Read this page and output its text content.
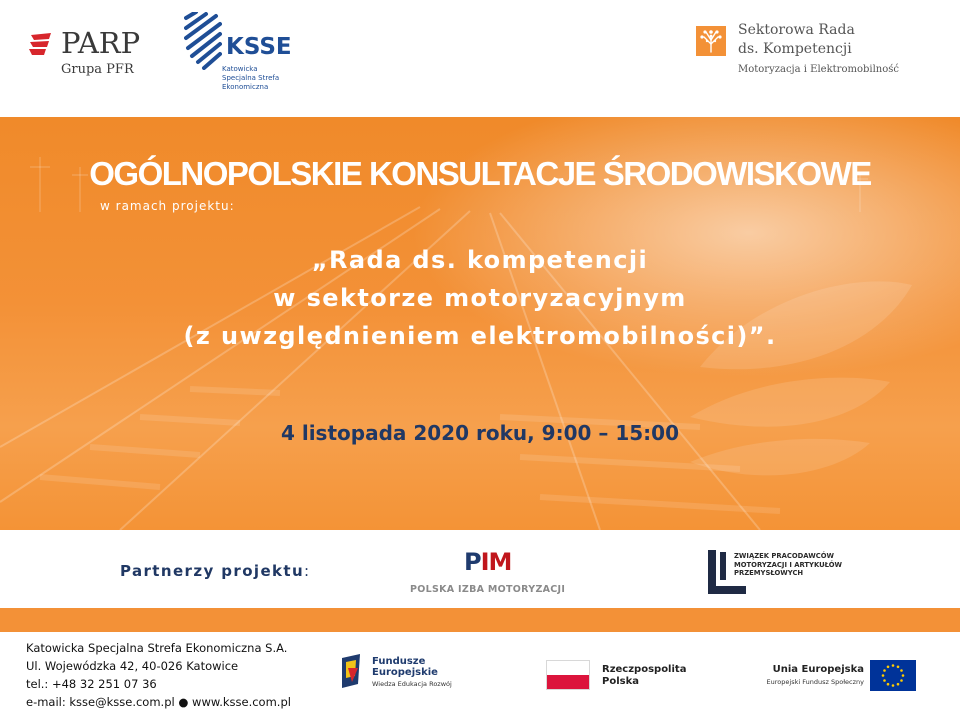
PARP
Grupa PFR
KSSE
Katowicka
Specjalna Strefa
Ekonomiczna
Sektorowa Rada
ds. Kompetencji
Motoryzacja i Elektromobilność
OGÓLNOPOLSKIE KONSULTACJE ŚRODOWISKOWE
w ramach projektu:
„Rada ds. kompetencji
w sektorze motoryzacyjnym
(z uwzględnieniem elektromobilności)”.
4 listopada 2020 roku, 9:00 – 15:00
Partnerzy projektu:	PIM
POLSKA IZBA MOTORYZACJI
ZWIĄZEK PRACODAWCÓW
MOTORYZACJI I ARTYKUŁÓW
PRZEMYSŁOWYCH
Katowicka Specjalna Strefa Ekonomiczna S.A.
Ul. Wojewódzka 42, 40-026 Katowice
tel.: +48 32 251 07 36
e-mail: ksse@ksse.com.pl ● www.ksse.com.pl
Fundusze
Europejskie
Wiedza Edukacja Rozwój
Rzeczpospolita
Polska
Unia Europejska
Europejski Fundusz Społeczny
